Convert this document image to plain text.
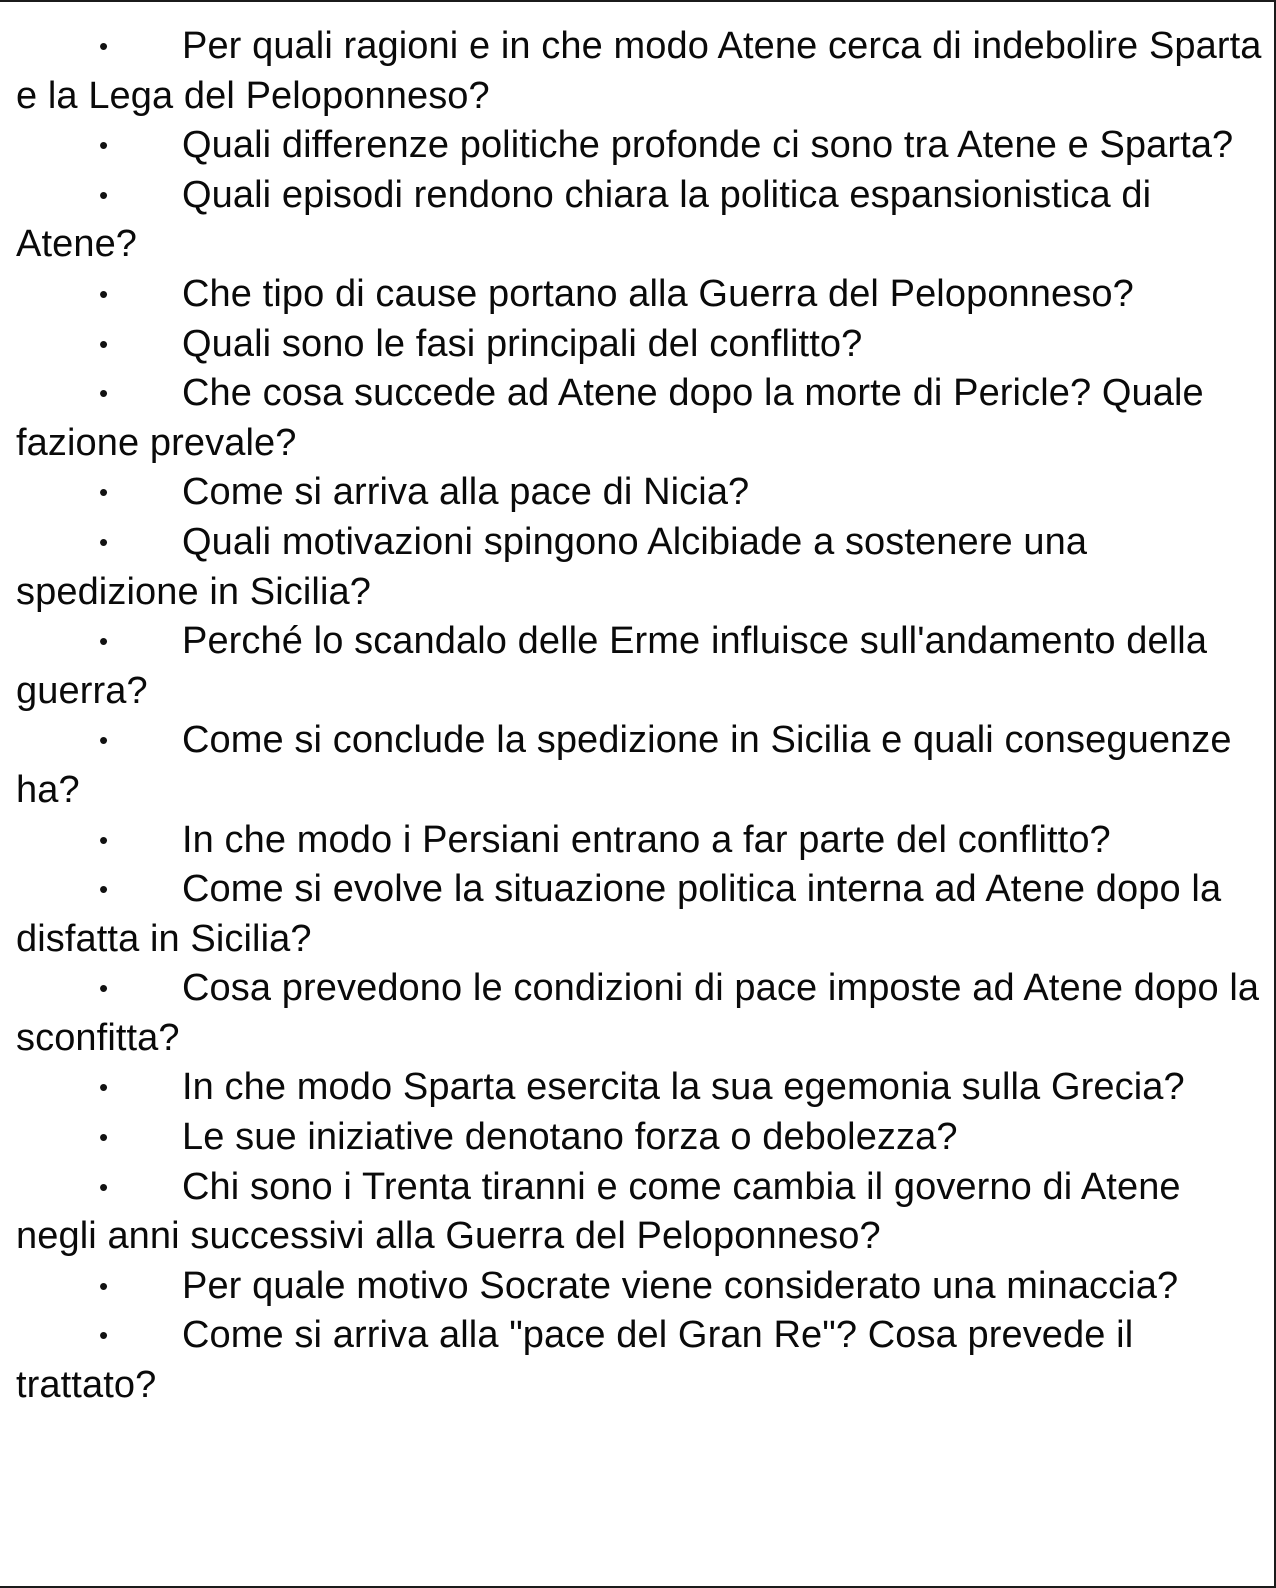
• Per quali ragioni e in che modo Atene cerca di indebolire Sparta e la Lega del Peloponneso?
• Quali differenze politiche profonde ci sono tra Atene e Sparta?
• Quali episodi rendono chiara la politica espansionistica di Atene?
• Che tipo di cause portano alla Guerra del Peloponneso?
• Quali sono le fasi principali del conflitto?
• Che cosa succede ad Atene dopo la morte di Pericle? Quale fazione prevale?
• Come si arriva alla pace di Nicia?
• Quali motivazioni spingono Alcibiade a sostenere una spedizione in Sicilia?
• Perché lo scandalo delle Erme influisce sull'andamento della guerra?
• Come si conclude la spedizione in Sicilia e quali conseguenze ha?
• In che modo i Persiani entrano a far parte del conflitto?
• Come si evolve la situazione politica interna ad Atene dopo la disfatta in Sicilia?
• Cosa prevedono le condizioni di pace imposte ad Atene dopo la sconfitta?
• In che modo Sparta esercita la sua egemonia sulla Grecia?
• Le sue iniziative denotano forza o debolezza?
• Chi sono i Trenta tiranni e come cambia il governo di Atene negli anni successivi alla Guerra del Peloponneso?
• Per quale motivo Socrate viene considerato una minaccia?
• Come si arriva alla "pace del Gran Re"? Cosa prevede il trattato?
